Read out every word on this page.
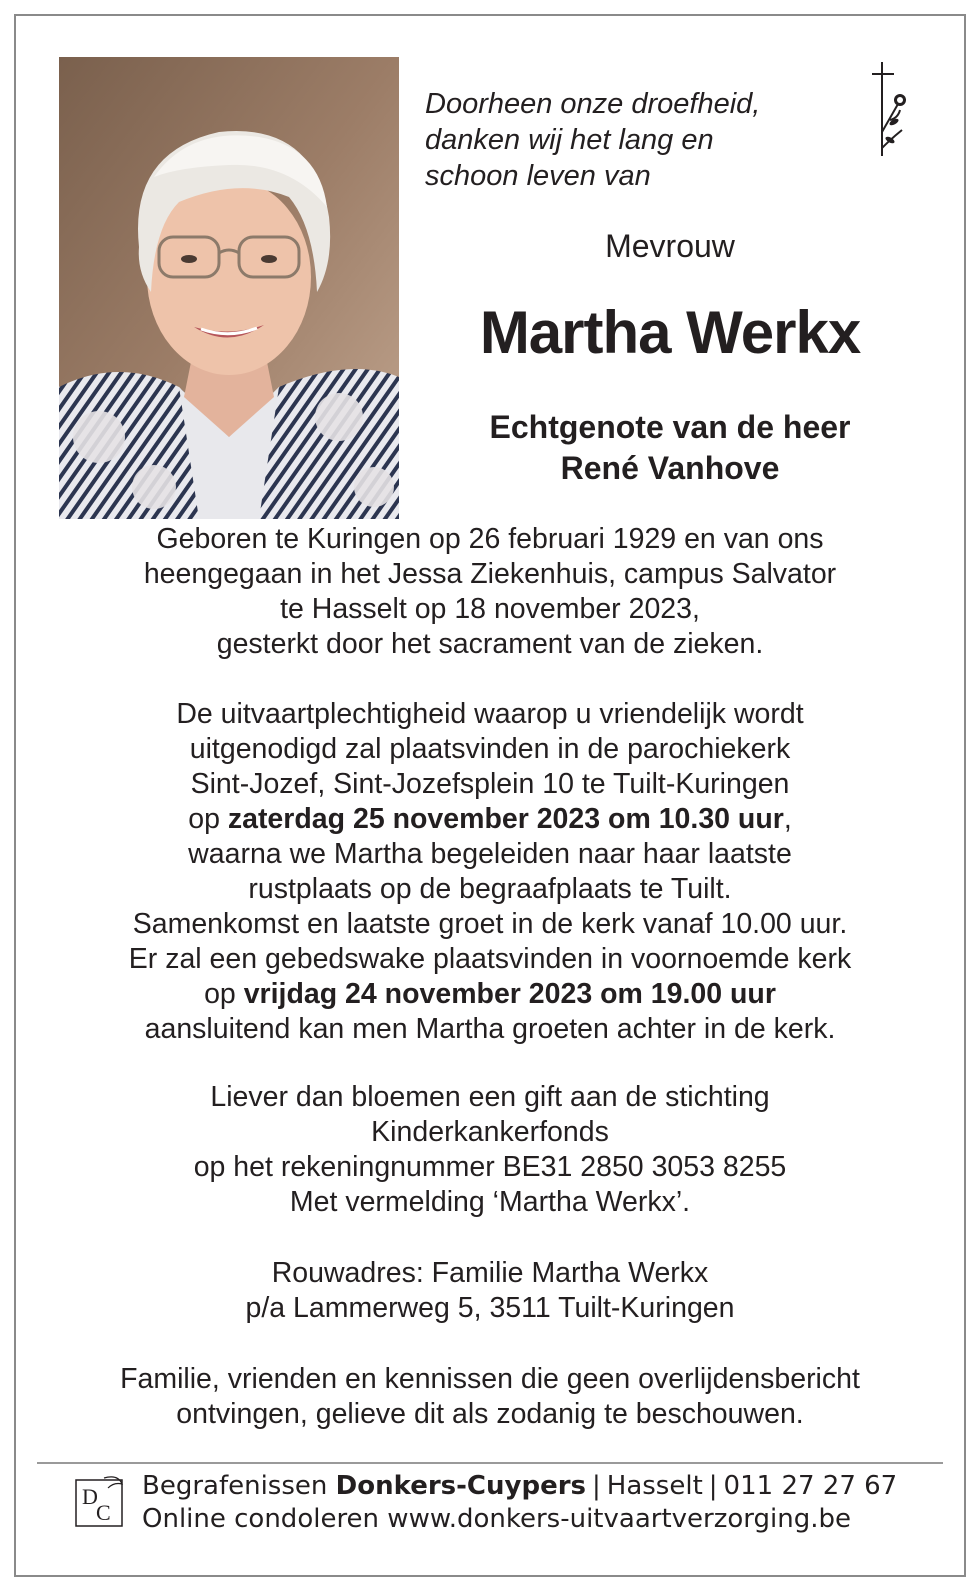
Doorheen onze droefheid,
danken wij het lang en
schoon leven van
Mevrouw
Martha Werkx
Echtgenote van de heer
René Vanhove
Geboren te Kuringen op 26 februari 1929 en van ons
heengegaan in het Jessa Ziekenhuis, campus Salvator
te Hasselt op 18 november 2023,
gesterkt door het sacrament van de zieken.
De uitvaartplechtigheid waarop u vriendelijk wordt
uitgenodigd zal plaatsvinden in de parochiekerk
Sint-Jozef, Sint-Jozefsplein 10 te Tuilt-Kuringen
op zaterdag 25 november 2023 om 10.30 uur,
waarna we Martha begeleiden naar haar laatste
rustplaats op de begraafplaats te Tuilt.
Samenkomst en laatste groet in de kerk vanaf 10.00 uur.
Er zal een gebedswake plaatsvinden in voornoemde kerk
op vrijdag 24 november 2023 om 19.00 uur
aansluitend kan men Martha groeten achter in de kerk.
Liever dan bloemen een gift aan de stichting
Kinderkankerfonds
op het rekeningnummer BE31 2850 3053 8255
Met vermelding ‘Martha Werkx’.
Rouwadres: Familie Martha Werkx
p/a Lammerweg 5, 3511 Tuilt-Kuringen
Familie, vrienden en kennissen die geen overlijdensbericht
ontvingen, gelieve dit als zodanig te beschouwen.
D
C
Begrafenissen Donkers-Cuypers | Hasselt | 011 27 27 67
Online condoleren www.donkers-uitvaartverzorging.be
